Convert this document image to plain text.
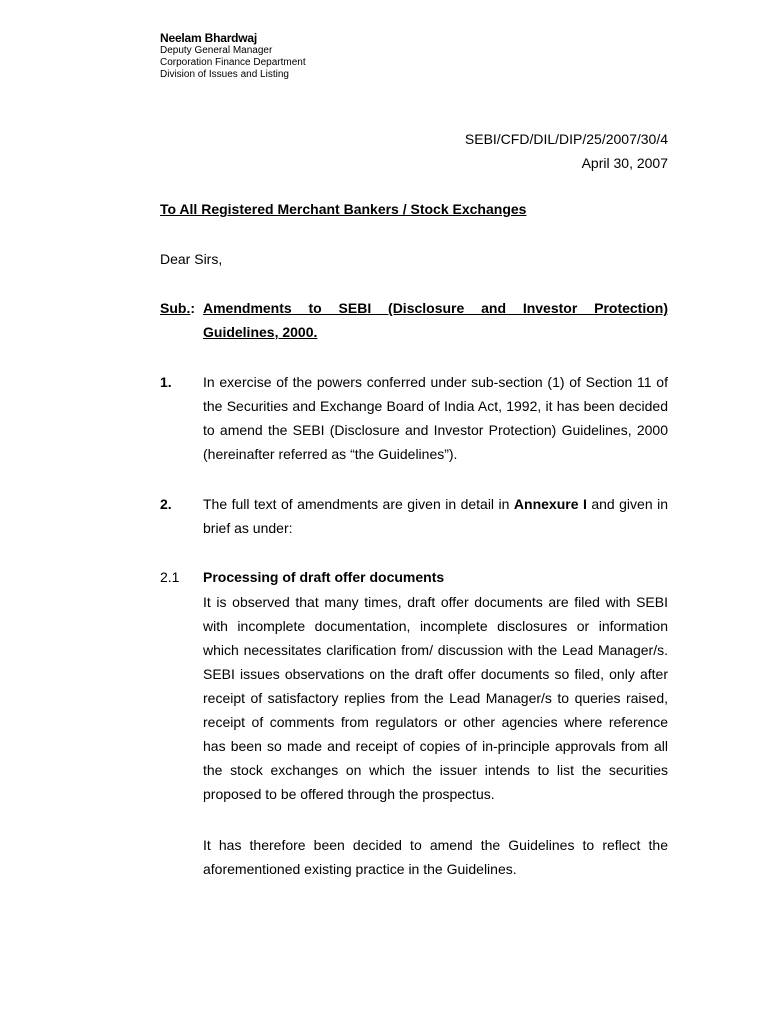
Neelam Bhardwaj
Deputy General Manager
Corporation Finance Department
Division of Issues and Listing
SEBI/CFD/DIL/DIP/25/2007/30/4
April 30, 2007
To All Registered Merchant Bankers / Stock Exchanges
Dear Sirs,
Sub.: Amendments to SEBI (Disclosure and Investor Protection) Guidelines, 2000.
1. In exercise of the powers conferred under sub-section (1) of Section 11 of the Securities and Exchange Board of India Act, 1992, it has been decided to amend the SEBI (Disclosure and Investor Protection) Guidelines, 2000 (hereinafter referred as “the Guidelines”).
2. The full text of amendments are given in detail in Annexure I and given in brief as under:
2.1 Processing of draft offer documents
It is observed that many times, draft offer documents are filed with SEBI with incomplete documentation, incomplete disclosures or information which necessitates clarification from/ discussion with the Lead Manager/s. SEBI issues observations on the draft offer documents so filed, only after receipt of satisfactory replies from the Lead Manager/s to queries raised, receipt of comments from regulators or other agencies where reference has been so made and receipt of copies of in-principle approvals from all the stock exchanges on which the issuer intends to list the securities proposed to be offered through the prospectus.
It has therefore been decided to amend the Guidelines to reflect the aforementioned existing practice in the Guidelines.
